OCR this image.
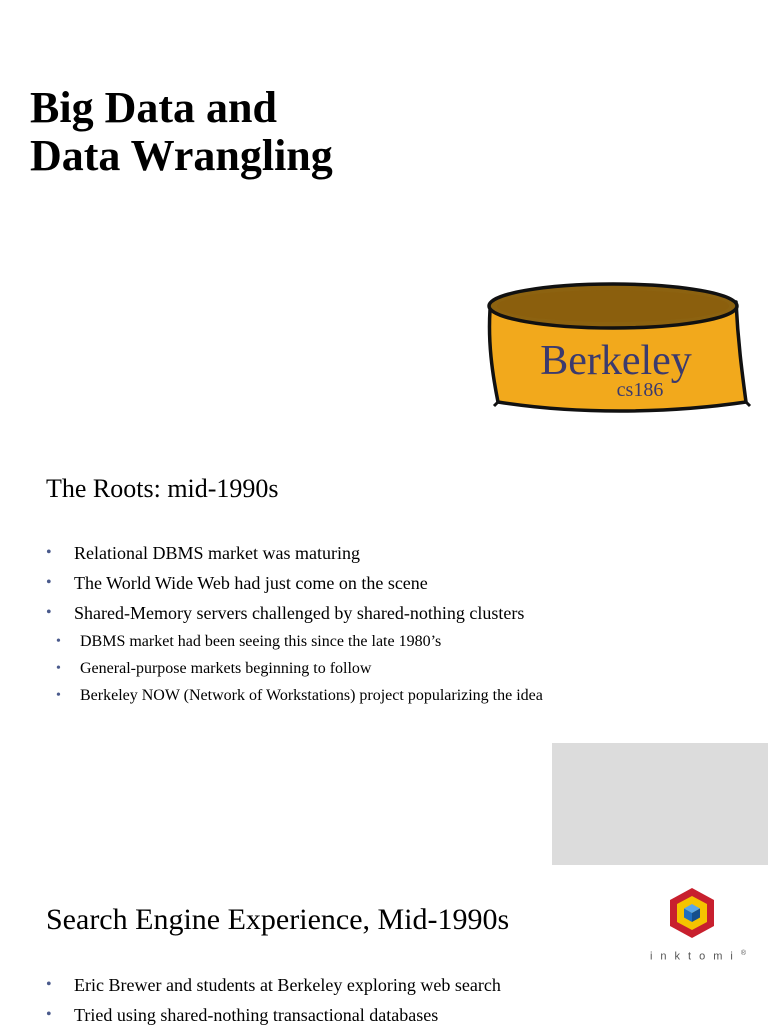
Big Data and
Data Wrangling
Berkeley
cs186
The Roots: mid-1990s
• Relational DBMS market was maturing
• The World Wide Web had just come on the scene
• Shared-Memory servers challenged by shared-nothing clusters
• DBMS market had been seeing this since the late 1980’s
• General-purpose markets beginning to follow
• Berkeley NOW (Network of Workstations) project popularizing the idea
Search Engine Experience, Mid-1990s
inktomi®
• Eric Brewer and students at Berkeley exploring web search
• Tried using shared-nothing transactional databases
